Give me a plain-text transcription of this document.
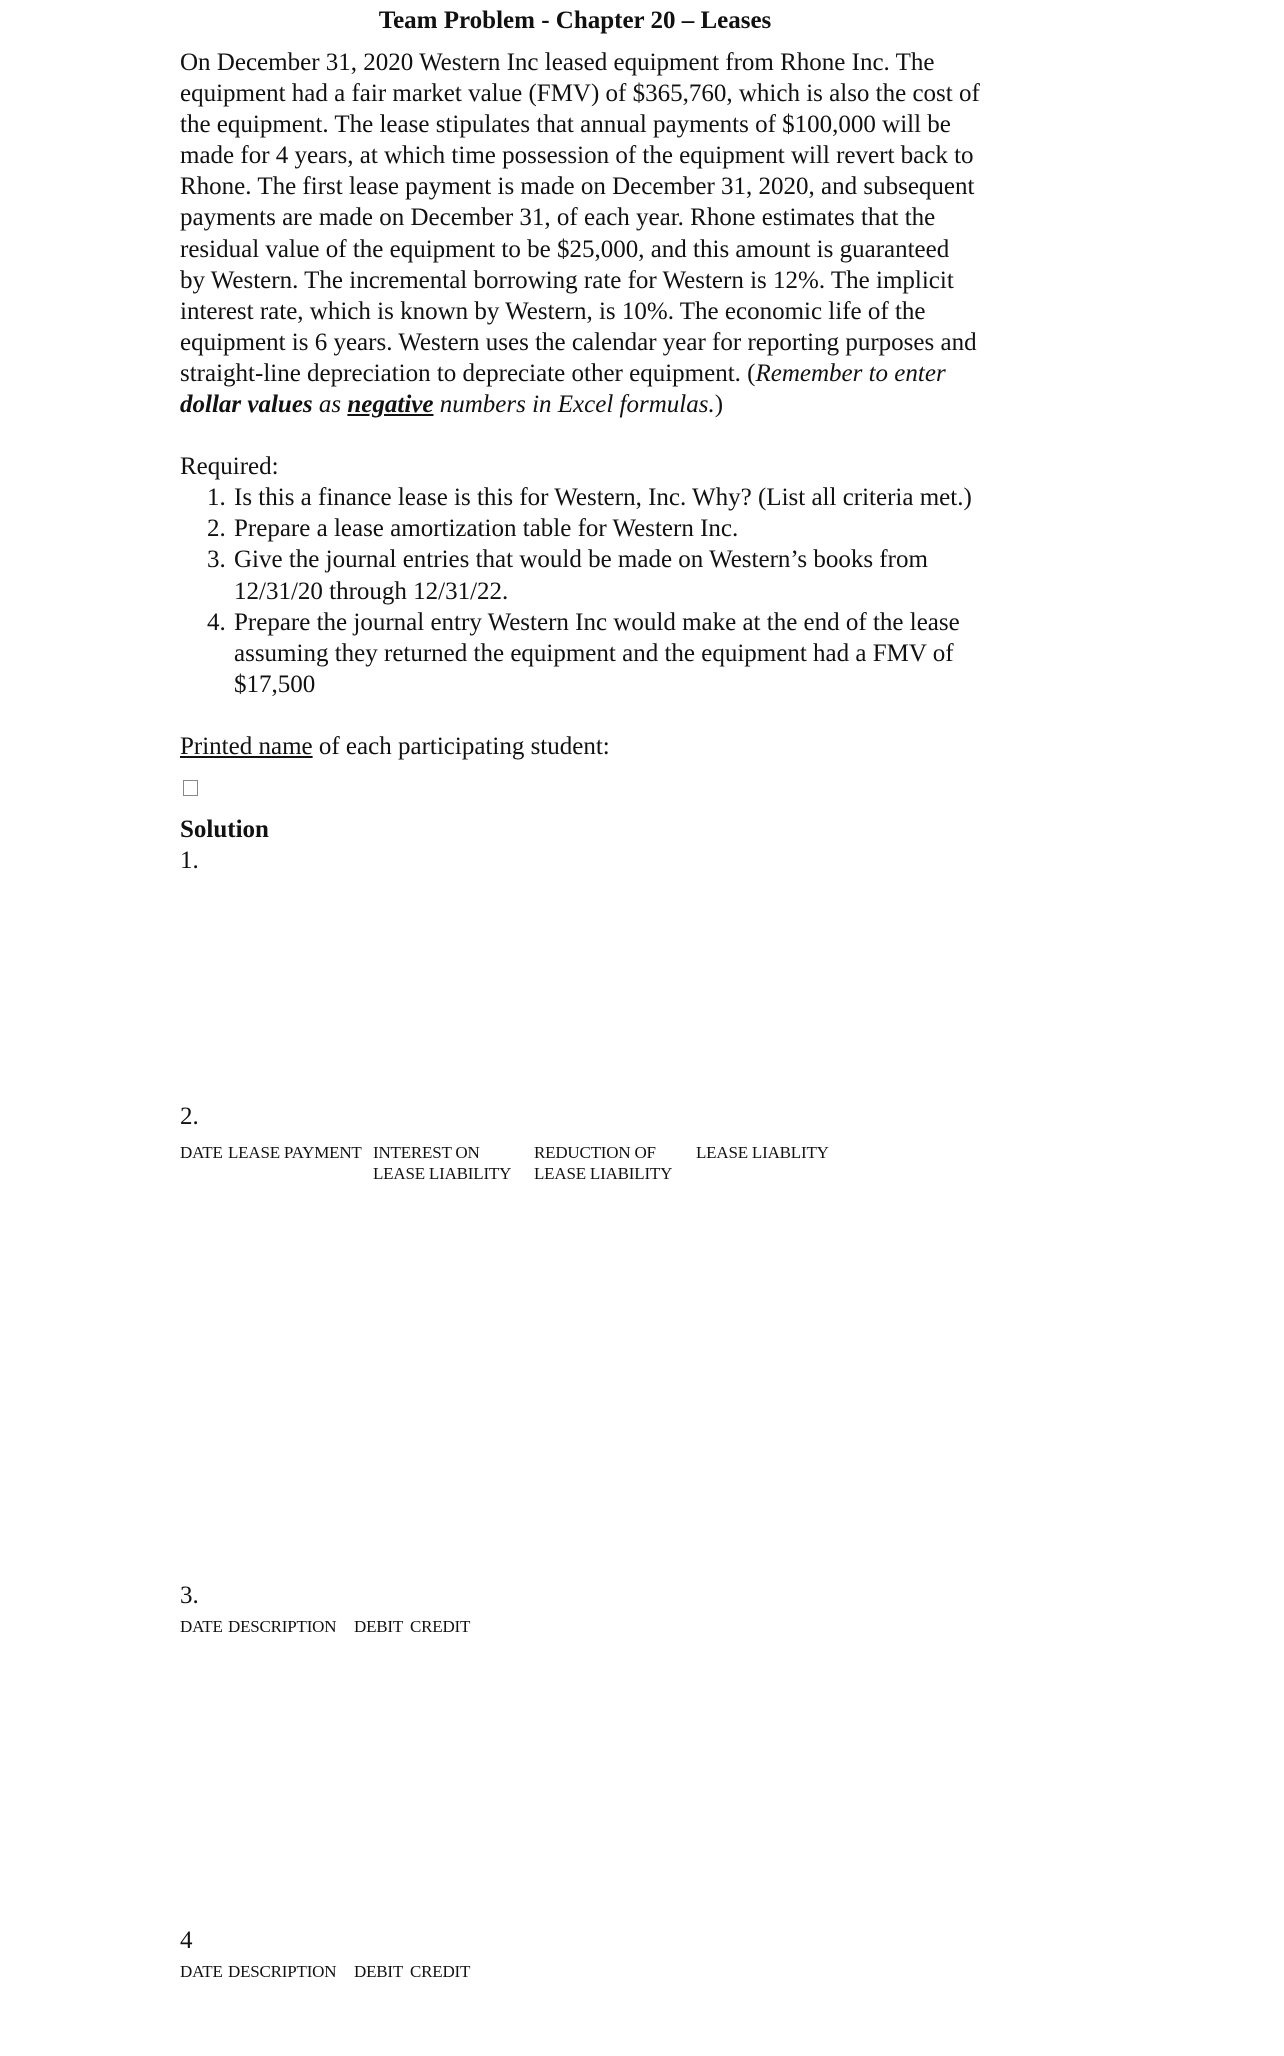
Team Problem - Chapter 20 – Leases

On December 31, 2020 Western Inc leased equipment from Rhone Inc. The equipment had a fair market value (FMV) of $365,760, which is also the cost of the equipment. The lease stipulates that annual payments of $100,000 will be made for 4 years, at which time possession of the equipment will revert back to Rhone. The first lease payment is made on December 31, 2020, and subsequent payments are made on December 31, of each year. Rhone estimates that the residual value of the equipment to be $25,000, and this amount is guaranteed by Western. The incremental borrowing rate for Western is 12%. The implicit interest rate, which is known by Western, is 10%. The economic life of the equipment is 6 years. Western uses the calendar year for reporting purposes and straight-line depreciation to depreciate other equipment. (Remember to enter dollar values as negative numbers in Excel formulas.)

Required:

1. Is this a finance lease is this for Western, Inc. Why? (List all criteria met.)
2. Prepare a lease amortization table for Western Inc.
3. Give the journal entries that would be made on Western’s books from 12/31/20 through 12/31/22.
4. Prepare the journal entry Western Inc would make at the end of the lease assuming they returned the equipment and the equipment had a FMV of $17,500

Printed name of each participating student:

Solution

1.

2.
DATE LEASE PAYMENT INTEREST ON
LEASE LIABILITY
REDUCTION OF
LEASE LIABILITY
LEASE LIABLITY
3.
DATE DESCRIPTION DEBIT CREDIT
4
DATE DESCRIPTION DEBIT CREDIT
